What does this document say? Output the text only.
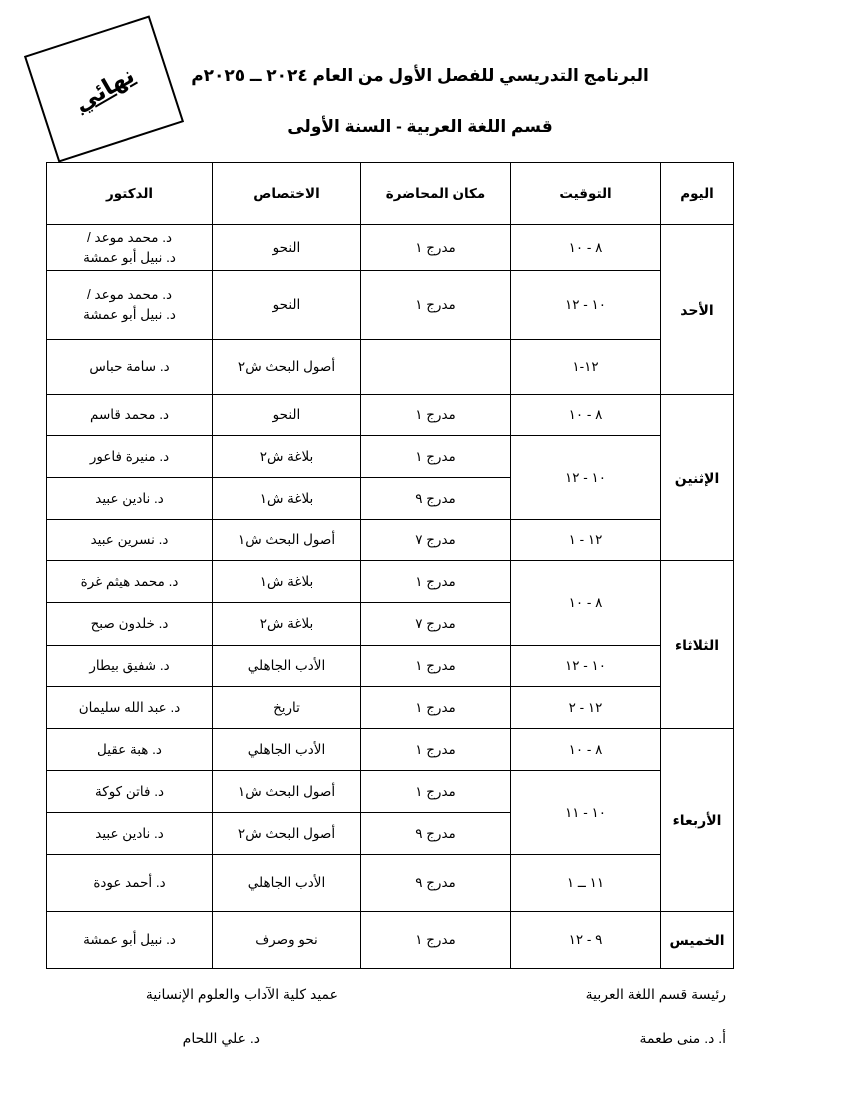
نهائي	البرنامج التدريسي للفصل الأول من العام ٢٠٢٤ ــ ٢٠٢٥م
قسم اللغة العربية - السنة الأولى
اليوم	التوقيت	مكان المحاضرة	الاختصاص	الدكتور
الأحد	٨ - ١٠	مدرج ١	النحو	د. محمد موعد /
د. نبيل أبو عمشة

	١٠ - ١٢	مدرج ١	النحو	د. محمد موعد /
د. نبيل أبو عمشة

	١٢-١		أصول البحث ش٢	د. سامة حباس
الإثنين	٨ - ١٠	مدرج ١	النحو	د. محمد قاسم
	١٠ - ١٢	مدرج ١	بلاغة ش٢	د. منيرة فاعور
		مدرج ٩	بلاغة ش١	د. نادين عبيد
	١٢ - ١	مدرج ٧	أصول البحث ش١	د. نسرين عبيد
الثلاثاء	٨ - ١٠	مدرج ١	بلاغة ش١	د. محمد هيثم غرة
		مدرج ٧	بلاغة ش٢	د. خلدون صبح
	١٠ - ١٢	مدرج ١	الأدب الجاهلي	د. شفيق بيطار
	١٢ - ٢	مدرج ١	تاريخ	د. عبد الله سليمان
الأربعاء	٨ - ١٠	مدرج ١	الأدب الجاهلي	د. هبة عقيل
	١٠ - ١١	مدرج ١	أصول البحث ش١	د. فاتن كوكة
		مدرج ٩	أصول البحث ش٢	د. نادين عبيد
	١١ ــ ١	مدرج ٩	الأدب الجاهلي	د. أحمد عودة
الخميس	٩ - ١٢	مدرج ١	نحو وصرف	د. نبيل أبو عمشة
رئيسة قسم اللغة العربية
أ. د. منى طعمة
عميد كلية الآداب والعلوم الإنسانية
د. علي اللحام
